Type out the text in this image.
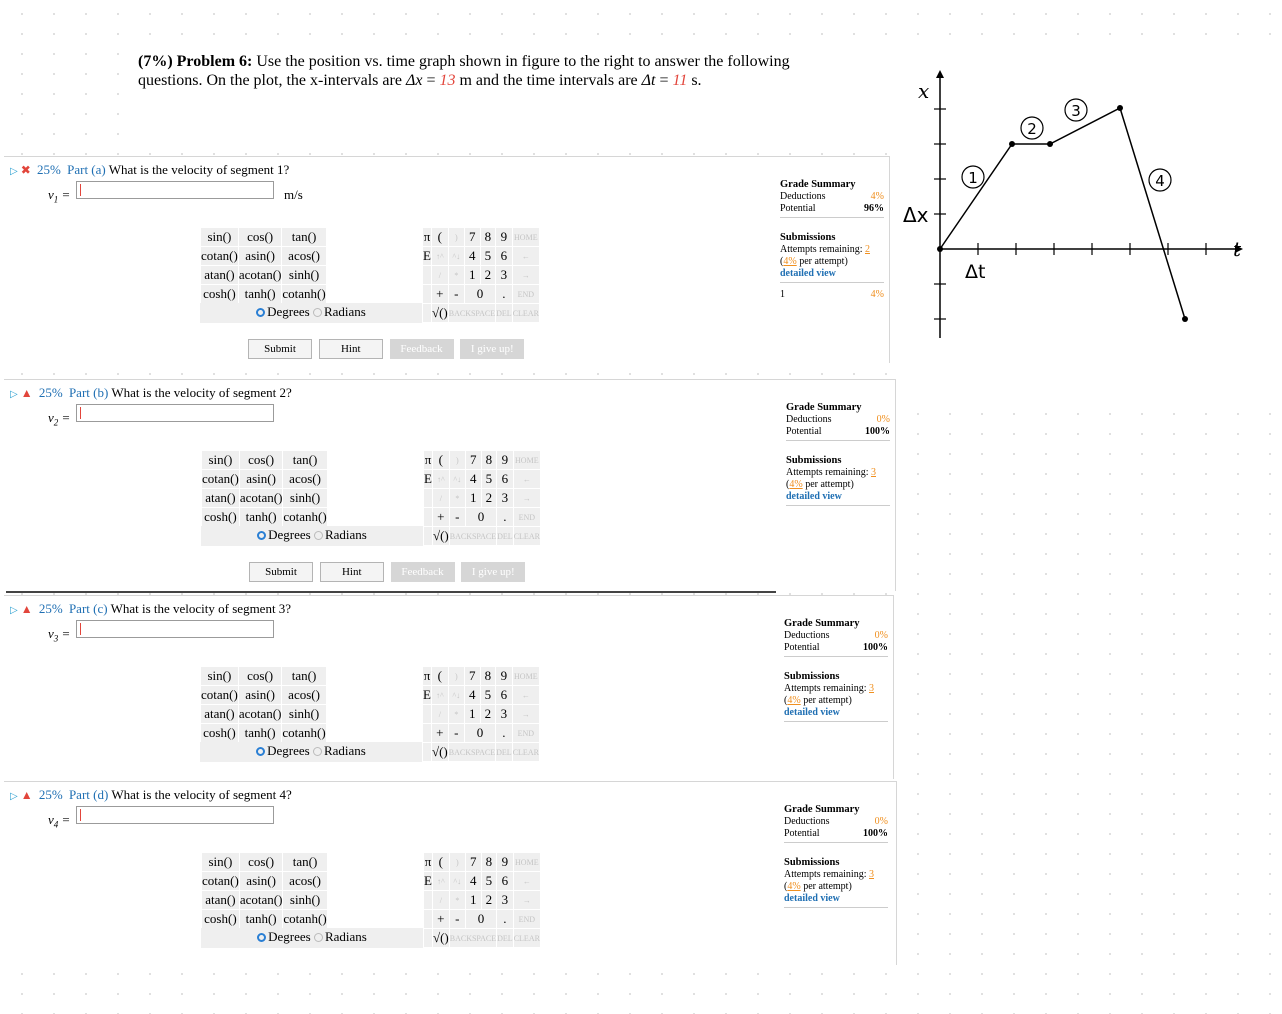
(7%) Problem 6: Use the position vs. time graph shown in figure to the right to answer the following
questions. On the plot, the x-intervals are Δx = 13 m and the time intervals are Δt = 11 s.	x
t
Δx
Δt
1
2
3
4
▷ ✖ 25% Part (a) What is the velocity of segment 1?
$v_1$ =	m/s
sin()	cos()	tan()
cotan()	asin()	acos()
atan()	acotan()	sinh()
cosh()	tanh()	cotanh()
Degrees Radians
π	(	)	7	8	9	HOME
E	↑^	^↓	4	5	6	←
	/	*	1	2	3	→
	+	-	0		.	END
	√()	BACKSPACE			DEL	CLEAR
Submit	Hint	Feedback	I give up!
Grade Summary
Deductions	4%
Potential	96%
Submissions
Attempts remaining: 2
(4% per attempt)
detailed view
1	4%
▷ ▲ 25% Part (b) What is the velocity of segment 2?
$v_2$ =
sin()	cos()	tan()
cotan()	asin()	acos()
atan()	acotan()	sinh()
cosh()	tanh()	cotanh()
Degrees Radians
π	(	)	7	8	9	HOME
E	↑^	^↓	4	5	6	←
	/	*	1	2	3	→
	+	-	0		.	END
	√()	BACKSPACE			DEL	CLEAR
Submit	Hint	Feedback	I give up!
Grade Summary
Deductions	0%
Potential	100%
Submissions
Attempts remaining: 3
(4% per attempt)
detailed view
▷ ▲ 25% Part (c) What is the velocity of segment 3?
$v_3$ =
sin()	cos()	tan()
cotan()	asin()	acos()
atan()	acotan()	sinh()
cosh()	tanh()	cotanh()
Degrees Radians
π	(	)	7	8	9	HOME
E	↑^	^↓	4	5	6	←
	/	*	1	2	3	→
	+	-	0		.	END
	√()	BACKSPACE			DEL	CLEAR
Grade Summary
Deductions	0%
Potential	100%
Submissions
Attempts remaining: 3
(4% per attempt)
detailed view
▷ ▲ 25% Part (d) What is the velocity of segment 4?
$v_4$ =
sin()	cos()	tan()
cotan()	asin()	acos()
atan()	acotan()	sinh()
cosh()	tanh()	cotanh()
Degrees Radians
π	(	)	7	8	9	HOME
E	↑^	^↓	4	5	6	←
	/	*	1	2	3	→
	+	-	0		.	END
	√()	BACKSPACE			DEL	CLEAR
Grade Summary
Deductions	0%
Potential	100%
Submissions
Attempts remaining: 3
(4% per attempt)
detailed view
